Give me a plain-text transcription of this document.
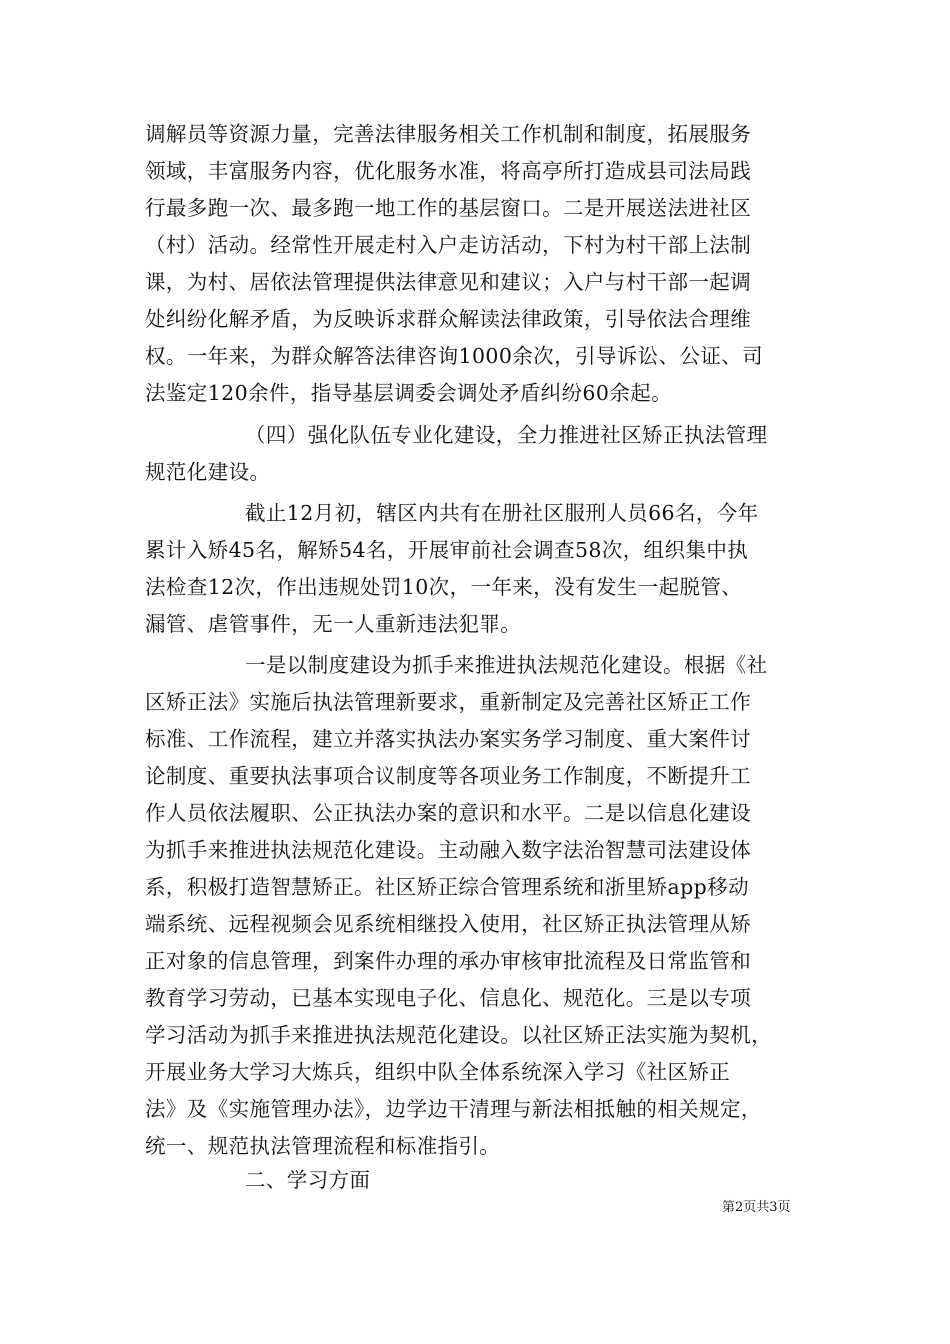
调解员等资源力量，完善法律服务相关工作机制和制度，拓展服务
领域，丰富服务内容，优化服务水准，将高亭所打造成县司法局践
行最多跑一次、最多跑一地工作的基层窗口。二是开展送法进社区
（村）活动。经常性开展走村入户走访活动，下村为村干部上法制
课，为村、居依法管理提供法律意见和建议；入户与村干部一起调
处纠纷化解矛盾，为反映诉求群众解读法律政策，引导依法合理维
权。一年来，为群众解答法律咨询1000余次，引导诉讼、公证、司
法鉴定120余件，指导基层调委会调处矛盾纠纷60余起。
（四）强化队伍专业化建设，全力推进社区矫正执法管理
规范化建设。
截止12月初，辖区内共有在册社区服刑人员66名，今年
累计入矫45名，解矫54名，开展审前社会调查58次，组织集中执
法检查12次，作出违规处罚10次，一年来，没有发生一起脱管、
漏管、虐管事件，无一人重新违法犯罪。
一是以制度建设为抓手来推进执法规范化建设。根据《社
区矫正法》实施后执法管理新要求，重新制定及完善社区矫正工作
标准、工作流程，建立并落实执法办案实务学习制度、重大案件讨
论制度、重要执法事项合议制度等各项业务工作制度，不断提升工
作人员依法履职、公正执法办案的意识和水平。二是以信息化建设
为抓手来推进执法规范化建设。主动融入数字法治智慧司法建设体
系，积极打造智慧矫正。社区矫正综合管理系统和浙里矫app移动
端系统、远程视频会见系统相继投入使用，社区矫正执法管理从矫
正对象的信息管理，到案件办理的承办审核审批流程及日常监管和
教育学习劳动，已基本实现电子化、信息化、规范化。三是以专项
学习活动为抓手来推进执法规范化建设。以社区矫正法实施为契机，
开展业务大学习大炼兵，组织中队全体系统深入学习《社区矫正
法》及《实施管理办法》，边学边干清理与新法相抵触的相关规定，
统一、规范执法管理流程和标准指引。
二、学习方面
第2页共3页
